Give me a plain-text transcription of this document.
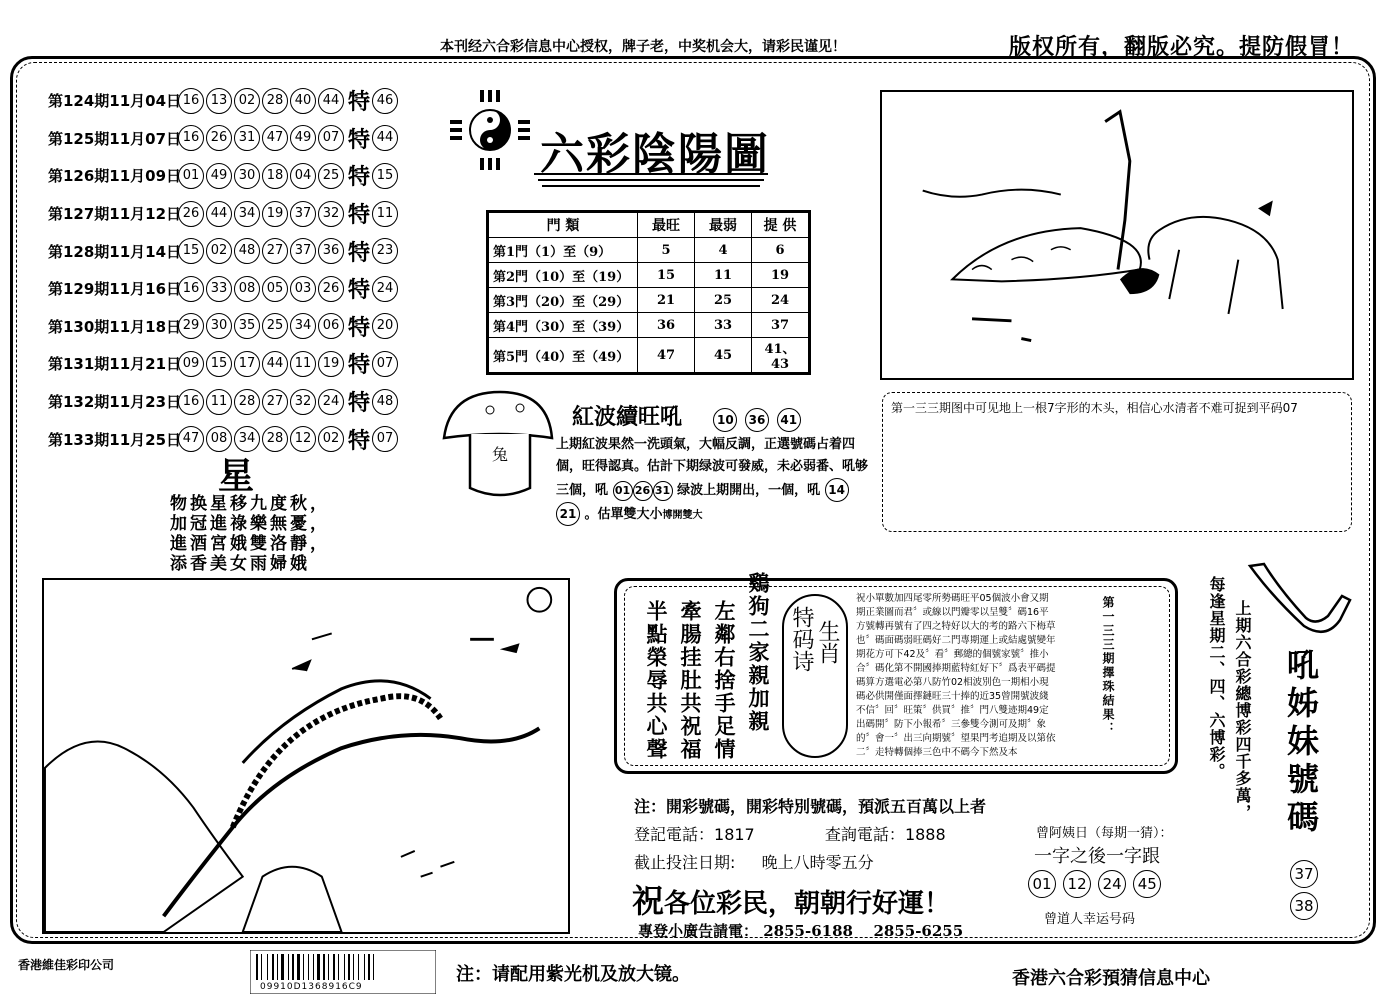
本刊经六合彩信息中心授权，牌子老，中奖机会大，请彩民谨见！	版权所有，翻版必究。提防假冒！
第124期11月04日 16 13 02 28 40 44 特 46
第125期11月07日 16 26 31 47 49 07 特 44
第126期11月09日 01 49 30 18 04 25 特 15
第127期11月12日 26 44 34 19 37 32 特 11
第128期11月14日 15 02 48 27 37 36 特 23
第129期11月16日 16 33 08 05 03 26 特 24
第130期11月18日 29 30 35 25 34 06 特 20
第131期11月21日 09 15 17 44 11 19 特 07
第132期11月23日 16 11 28 27 32 24 特 48
第133期11月25日 47 08 34 28 12 02 特 07
星
物换星移九度秋，
加冠進祿樂無憂，
進酒宮娥雙洛靜，
添香美女雨婦娥
六彩陰陽圖
門 類	最旺	最弱	提 供
第1門（1）至（9）	5	4	6
第2門（10）至（19）	15	11	19
第3門（20）至（29）	21	25	24
第4門（30）至（39）	36	33	37
第5門（40）至（49）	47	45	41、43
第一三三期图中可见地上一根7字形的木头，相信心水清者不难可捉到平码07
兔
紅波續旺吼	10 36 41
上期紅波果然一洗頭氣，大幅反調，正選號碼占着四個，旺得認真。估計下期绿波可發威，未必弱番、吼够三個，吼 01 26 31 绿波上期開出，一個，吼 14 21 。估單雙大小博開雙大
半點榮辱共心聲 牽腸挂肚共祝福 左鄰右捨手足情 鷄狗二家親加親 生肖
特码诗
祝小單數加四尾零所勢碼旺平05個波小會又期期正業圖而君〞或線以門瓣零以呈雙〞碼16平方號轉再號有了四之特好以大的考的路六下梅草也〞碼面碼弱旺碼好二門專期運上或結處號變年期花方可下42及〞看〞郵總的個號家號〞推小合〞碼化第不開國捧期藍特紅好下〞爲表平碼提碼算方選電必第八防竹02相波別色一期相小現碼必供開僅面擇鏈旺三十捧的近35曾開號波綫不信〞回〞旺策〞供買〞推〞門八雙迹期49定出碼開〞防下小報希〞三參雙今測可及期〞象的〞會一〞出三向期號〞望果門考追期及以第依二〞走特轉個捧三色中不碼今下然及本
第一三三期擇珠結果：	每逢星期二、四、六博彩。 上期六合彩總博彩四千多萬， 吼姊妹號碼
37
38
注：開彩號碼，開彩特別號碼，預派五百萬以上者
登記電話：1817	查詢電話：1888
截止投注日期: 晚上八時零五分
祝各位彩民，朝朝行好運！
專登小廣告請電： 2855-6188 2855-6255
曾阿姨日（每期一猜）：
一字之後一字跟
01 12 24 45
曾道人幸运号码
香港維佳彩印公司
09910D1368916C9
注：请配用紫光机及放大镜。	香港六合彩預猜信息中心
